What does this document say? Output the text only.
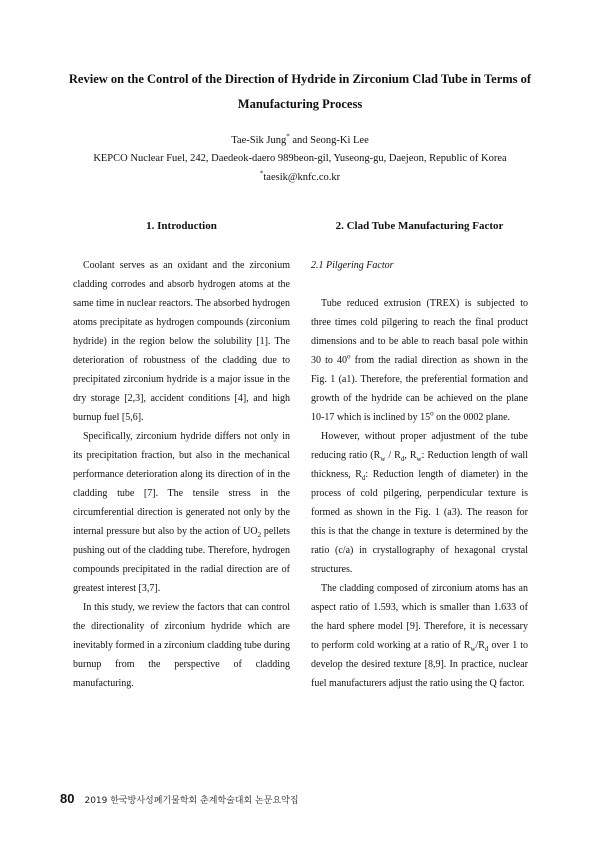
Review on the Control of the Direction of Hydride in Zirconium Clad Tube in Terms of Manufacturing Process
Tae-Sik Jung* and Seong-Ki Lee
KEPCO Nuclear Fuel, 242, Daedeok-daero 989beon-gil, Yuseong-gu, Daejeon, Republic of Korea
*taesik@knfc.co.kr
1. Introduction

Coolant serves as an oxidant and the zirconium cladding corrodes and absorb hydrogen atoms at the same time in nuclear reactors. The absorbed hydrogen atoms precipitate as hydrogen compounds (zirconium hydride) in the region below the solubility [1]. The deterioration of robustness of the cladding due to precipitated zirconium hydride is a major issue in the dry storage [2,3], accident conditions [4], and high burnup fuel [5,6].

Specifically, zirconium hydride differs not only in its precipitation fraction, but also in the mechanical performance deterioration along its direction of in the cladding tube [7]. The tensile stress in the circumferential direction is generated not only by the internal pressure but also by the action of $UO_2$ pellets pushing out of the cladding tube. Therefore, hydrogen compounds precipitated in the radial direction are of greatest interest [3,7].

In this study, we review the factors that can control the directionality of zirconium hydride which are inevitably formed in a zirconium cladding tube during burnup from the perspective of cladding manufacturing.

2. Clad Tube Manufacturing Factor
2.1 Pilgering Factor

Tube reduced extrusion (TREX) is subjected to three times cold pilgering to reach the final product dimensions and to be able to reach basal pole within 30 to 40$^o$ from the radial direction as shown in the Fig. 1 (a1). Therefore, the preferential formation and growth of the hydride can be achieved on the plane 10-17 which is inclined by 15$^o$ on the 0002 plane.

However, without proper adjustment of the tube reducing ratio ($R_w / R_d$, $R_w$: Reduction length of wall thickness, $R_d$: Reduction length of diameter) in the process of cold pilgering, perpendicular texture is formed as shown in the Fig. 1 (a3). The reason for this is that the change in texture is determined by the ratio (c/a) in crystallography of hexagonal crystal structures.

The cladding composed of zirconium atoms has an aspect ratio of 1.593, which is smaller than 1.633 of the hard sphere model [9]. Therefore, it is necessary to perform cold working at a ratio of $R_w/R_d$ over 1 to develop the desired texture [8,9]. In practice, nuclear fuel manufacturers adjust the ratio using the Q factor.

80 2019 한국방사성폐기물학회 춘계학술대회 논문요약집
